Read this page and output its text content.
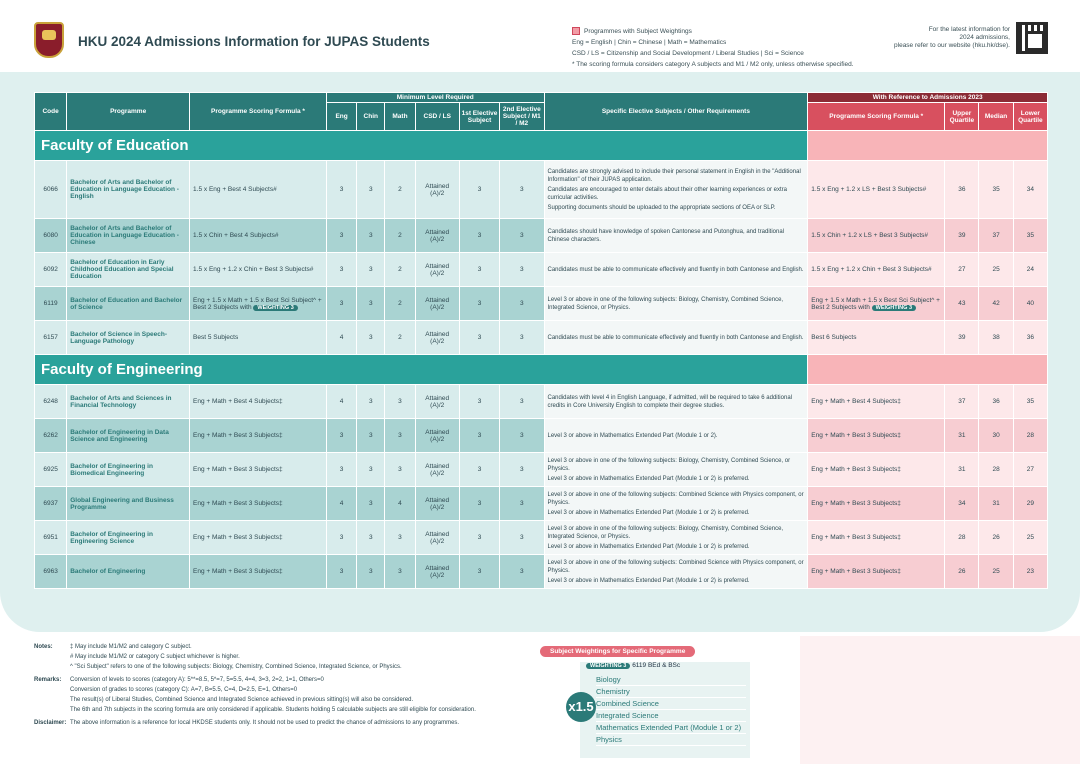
HKU 2024 Admissions Information for JUPAS Students
Programmes with Subject Weightings
Eng = English | Chin = Chinese | Math = Mathematics
CSD / LS = Citizenship and Social Development / Liberal Studies | Sci = Science
* The scoring formula considers category A subjects and M1 / M2 only, unless otherwise specified.
For the latest information for
2024 admissions,
please refer to our website (hku.hk/dse).
Code	Programme	Programme Scoring Formula *	Minimum Level Required						Specific Elective Subjects / Other Requirements	With Reference to Admissions 2023			
			Eng	Chin	Math	CSD / LS	1st Elective Subject	2nd Elective Subject / M1 / M2		Programme Scoring Formula *	Upper Quartile	Median	Lower Quartile
Faculty of Education													
6066	Bachelor of Arts and Bachelor of Education in Language Education - English	1.5 x Eng + Best 4 Subjects#	3	3	2	Attained (A)/2	3	3	Candidates are strongly advised to include their personal statement in English in the "Additional Information" of their JUPAS application.
Candidates are encouraged to enter details about their other learning experiences or extra curricular activities.
Supporting documents should be uploaded to the appropriate sections of OEA or SLP.	1.5 x Eng + 1.2 x LS + Best 3 Subjects#	36	35	34
6080	Bachelor of Arts and Bachelor of Education in Language Education - Chinese	1.5 x Chin + Best 4 Subjects#	3	3	2	Attained (A)/2	3	3	Candidates should have knowledge of spoken Cantonese and Putonghua, and traditional Chinese characters.	1.5 x Chin + 1.2 x LS + Best 3 Subjects#	39	37	35
6092	Bachelor of Education in Early Childhood Education and Special Education	1.5 x Eng + 1.2 x Chin + Best 3 Subjects#	3	3	2	Attained (A)/2	3	3	Candidates must be able to communicate effectively and fluently in both Cantonese and English.	1.5 x Eng + 1.2 x Chin + Best 3 Subjects#	27	25	24
6119	Bachelor of Education and Bachelor of Science	Eng + 1.5 x Math + 1.5 x Best Sci Subject^ + Best 2 Subjects with WEIGHTING 3	3	3	2	Attained (A)/2	3	3	Level 3 or above in one of the following subjects: Biology, Chemistry, Combined Science, Integrated Science, or Physics.	Eng + 1.5 x Math + 1.5 x Best Sci Subject^ + Best 2 Subjects with WEIGHTING 3	43	42	40
6157	Bachelor of Science in Speech-Language Pathology	Best 5 Subjects	4	3	2	Attained (A)/2	3	3	Candidates must be able to communicate effectively and fluently in both Cantonese and English.	Best 6 Subjects	39	38	36
Faculty of Engineering													
6248	Bachelor of Arts and Sciences in Financial Technology	Eng + Math + Best 4 Subjects‡	4	3	3	Attained (A)/2	3	3	Candidates with level 4 in English Language, if admitted, will be required to take 6 additional credits in Core University English to complete their degree studies.	Eng + Math + Best 4 Subjects‡	37	36	35
6262	Bachelor of Engineering in Data Science and Engineering	Eng + Math + Best 3 Subjects‡	3	3	3	Attained (A)/2	3	3	Level 3 or above in Mathematics Extended Part (Module 1 or 2).	Eng + Math + Best 3 Subjects‡	31	30	28
6925	Bachelor of Engineering in Biomedical Engineering	Eng + Math + Best 3 Subjects‡	3	3	3	Attained (A)/2	3	3	Level 3 or above in one of the following subjects: Biology, Chemistry, Combined Science, or Physics.
Level 3 or above in Mathematics Extended Part (Module 1 or 2) is preferred.	Eng + Math + Best 3 Subjects‡	31	28	27
6937	Global Engineering and Business Programme	Eng + Math + Best 3 Subjects‡	4	3	4	Attained (A)/2	3	3	Level 3 or above in one of the following subjects: Combined Science with Physics component, or Physics.
Level 3 or above in Mathematics Extended Part (Module 1 or 2) is preferred.	Eng + Math + Best 3 Subjects‡	34	31	29
6951	Bachelor of Engineering in Engineering Science	Eng + Math + Best 3 Subjects‡	3	3	3	Attained (A)/2	3	3	Level 3 or above in one of the following subjects: Biology, Chemistry, Combined Science, Integrated Science, or Physics.
Level 3 or above in Mathematics Extended Part (Module 1 or 2) is preferred.	Eng + Math + Best 3 Subjects‡	28	26	25
6963	Bachelor of Engineering	Eng + Math + Best 3 Subjects‡	3	3	3	Attained (A)/2	3	3	Level 3 or above in one of the following subjects: Combined Science with Physics component, or Physics.
Level 3 or above in Mathematics Extended Part (Module 1 or 2) is preferred.	Eng + Math + Best 3 Subjects‡	26	25	23
Notes:	‡ May include M1/M2 and category C subject.
# May include M1/M2 or category C subject whichever is higher.
^ "Sci Subject" refers to one of the following subjects: Biology, Chemistry, Combined Science, Integrated Science, or Physics.
Remarks: Conversion of levels to scores (category A): 5**=8.5, 5*=7, 5=5.5, 4=4, 3=3, 2=2, 1=1, Others=0
Conversion of grades to scores (category C): A=7, B=5.5, C=4, D=2.5, E=1, Others=0
The result(s) of Liberal Studies, Combined Science and Integrated Science achieved in previous sitting(s) will also be considered.
The 6th and 7th subjects in the scoring formula are only considered if applicable. Students holding 5 calculable subjects are still eligible for consideration.
Disclaimer: The above information is a reference for local HKDSE students only. It should not be used to predict the chance of admissions to any programmes.
Subject Weightings for Specific Programme
WEIGHTING 3 6119 BEd & BSc
x1.5
Biology
Chemistry
Combined Science
Integrated Science
Mathematics Extended Part (Module 1 or 2)
Physics
